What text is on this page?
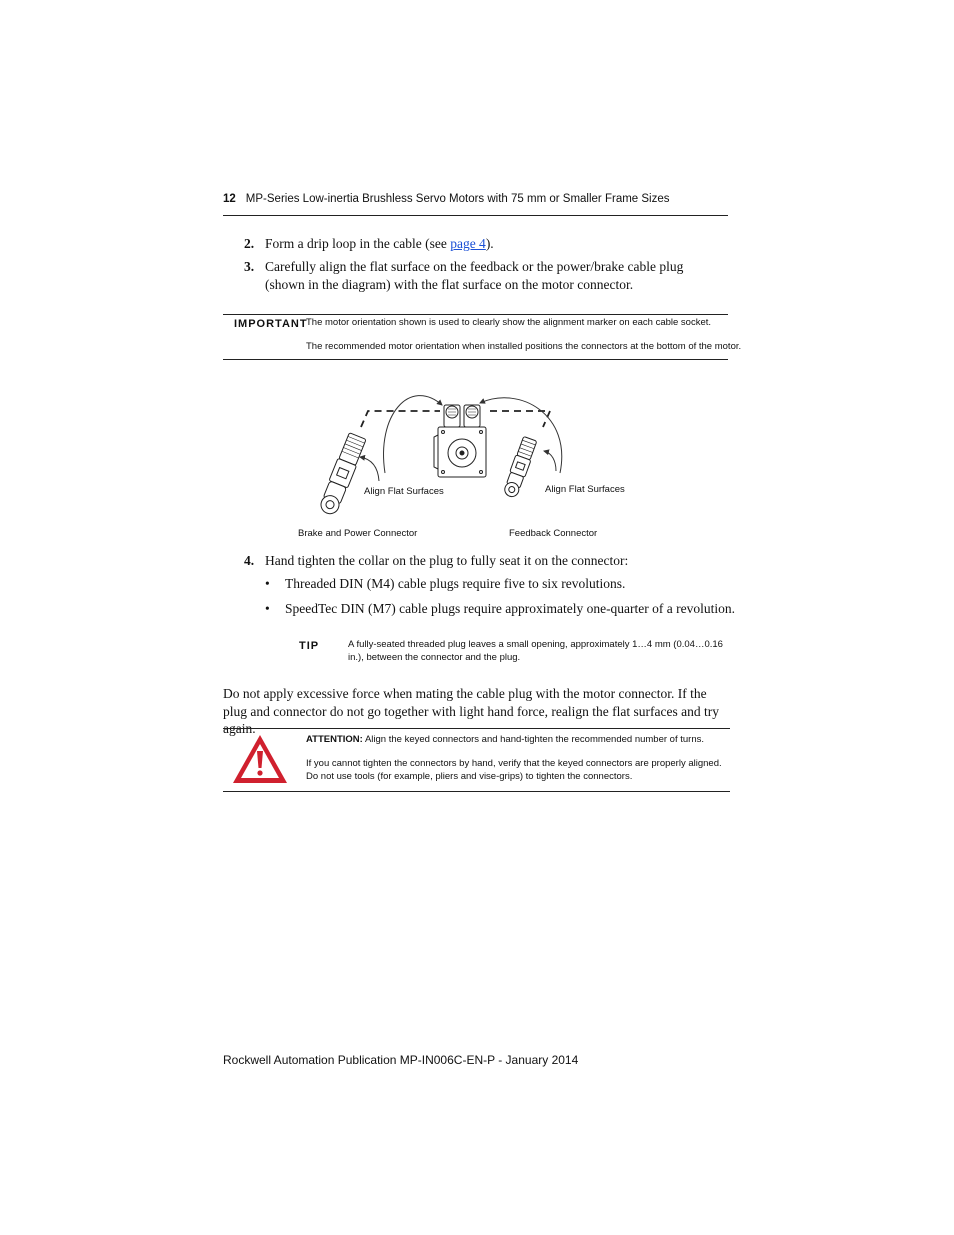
12 MP-Series Low-inertia Brushless Servo Motors with 75 mm or Smaller Frame Sizes
2. Form a drip loop in the cable (see page 4).
3. Carefully align the flat surface on the feedback or the power/brake cable plug (shown in the diagram) with the flat surface on the motor connector.
IMPORTANT
The motor orientation shown is used to clearly show the alignment marker on each cable socket.
The recommended motor orientation when installed positions the connectors at the bottom of the motor.
Align Flat Surfaces	Align Flat Surfaces
Brake and Power Connector	Feedback Connector
4. Hand tighten the collar on the plug to fully seat it on the connector:
• Threaded DIN (M4) cable plugs require five to six revolutions.
• SpeedTec DIN (M7) cable plugs require approximately one-quarter of a revolution.
TIP	A fully-seated threaded plug leaves a small opening, approximately 1…4 mm (0.04…0.16 in.), between the connector and the plug.
Do not apply excessive force when mating the cable plug with the motor connector. If the plug and connector do not go together with light hand force, realign the flat surfaces and try again.
ATTENTION: Align the keyed connectors and hand-tighten the recommended number of turns.
If you cannot tighten the connectors by hand, verify that the keyed connectors are properly aligned. Do not use tools (for example, pliers and vise-grips) to tighten the connectors.
Rockwell Automation Publication MP-IN006C-EN-P - January 2014
